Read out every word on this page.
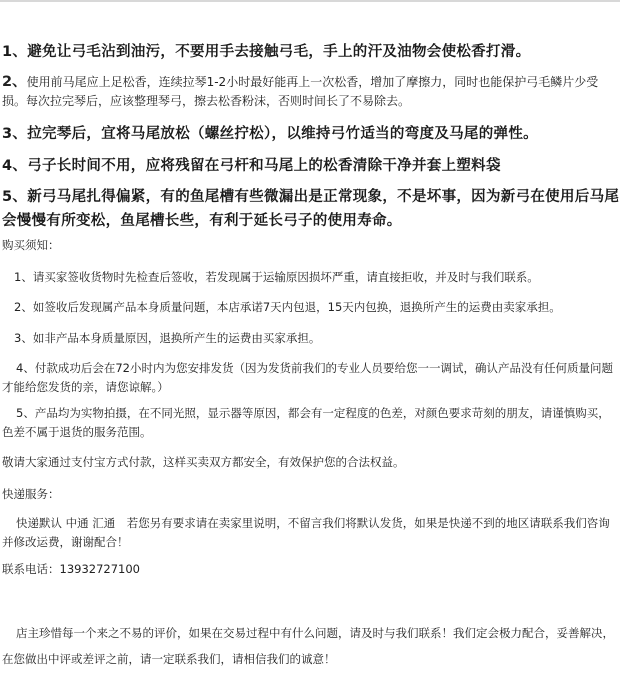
1、避免让弓毛沾到油污，不要用手去接触弓毛，手上的汗及油物会使松香打滑。
2、使用前马尾应上足松香，连续拉琴1-2小时最好能再上一次松香，增加了摩擦力，同时也能保护弓毛鳞片少受损。每次拉完琴后，应该整理琴弓，擦去松香粉沫，否则时间长了不易除去。
3、拉完琴后，宜将马尾放松（螺丝拧松），以维持弓竹适当的弯度及马尾的弹性。
4、弓子长时间不用，应将残留在弓杆和马尾上的松香清除干净并套上塑料袋
5、新弓马尾扎得偏紧，有的鱼尾槽有些微漏出是正常现象，不是坏事，因为新弓在使用后马尾会慢慢有所变松，鱼尾槽长些，有利于延长弓子的使用寿命。
购买须知：
1、请买家签收货物时先检查后签收，若发现属于运输原因损坏严重，请直接拒收，并及时与我们联系。
2、如签收后发现属产品本身质量问题，本店承诺7天内包退，15天内包换，退换所产生的运费由卖家承担。
3、如非产品本身质量原因，退换所产生的运费由买家承担。
4、付款成功后会在72小时内为您安排发货（因为发货前我们的专业人员要给您一一调试，确认产品没有任何质量问题才能给您发货的亲，请您谅解。）
5、产品均为实物拍摄，在不同光照，显示器等原因，都会有一定程度的色差，对颜色要求苛刻的朋友，请谨慎购买，色差不属于退货的服务范围。
敬请大家通过支付宝方式付款，这样买卖双方都安全，有效保护您的合法权益。
快递服务：
快递默认 中通 汇通　若您另有要求请在卖家里说明，不留言我们将默认发货，如果是快递不到的地区请联系我们咨询并修改运费，谢谢配合！
联系电话：13932727100
店主珍惜每一个来之不易的评价，如果在交易过程中有什么问题，请及时与我们联系！我们定会极力配合，妥善解决，在您做出中评或差评之前，请一定联系我们，请相信我们的诚意！
